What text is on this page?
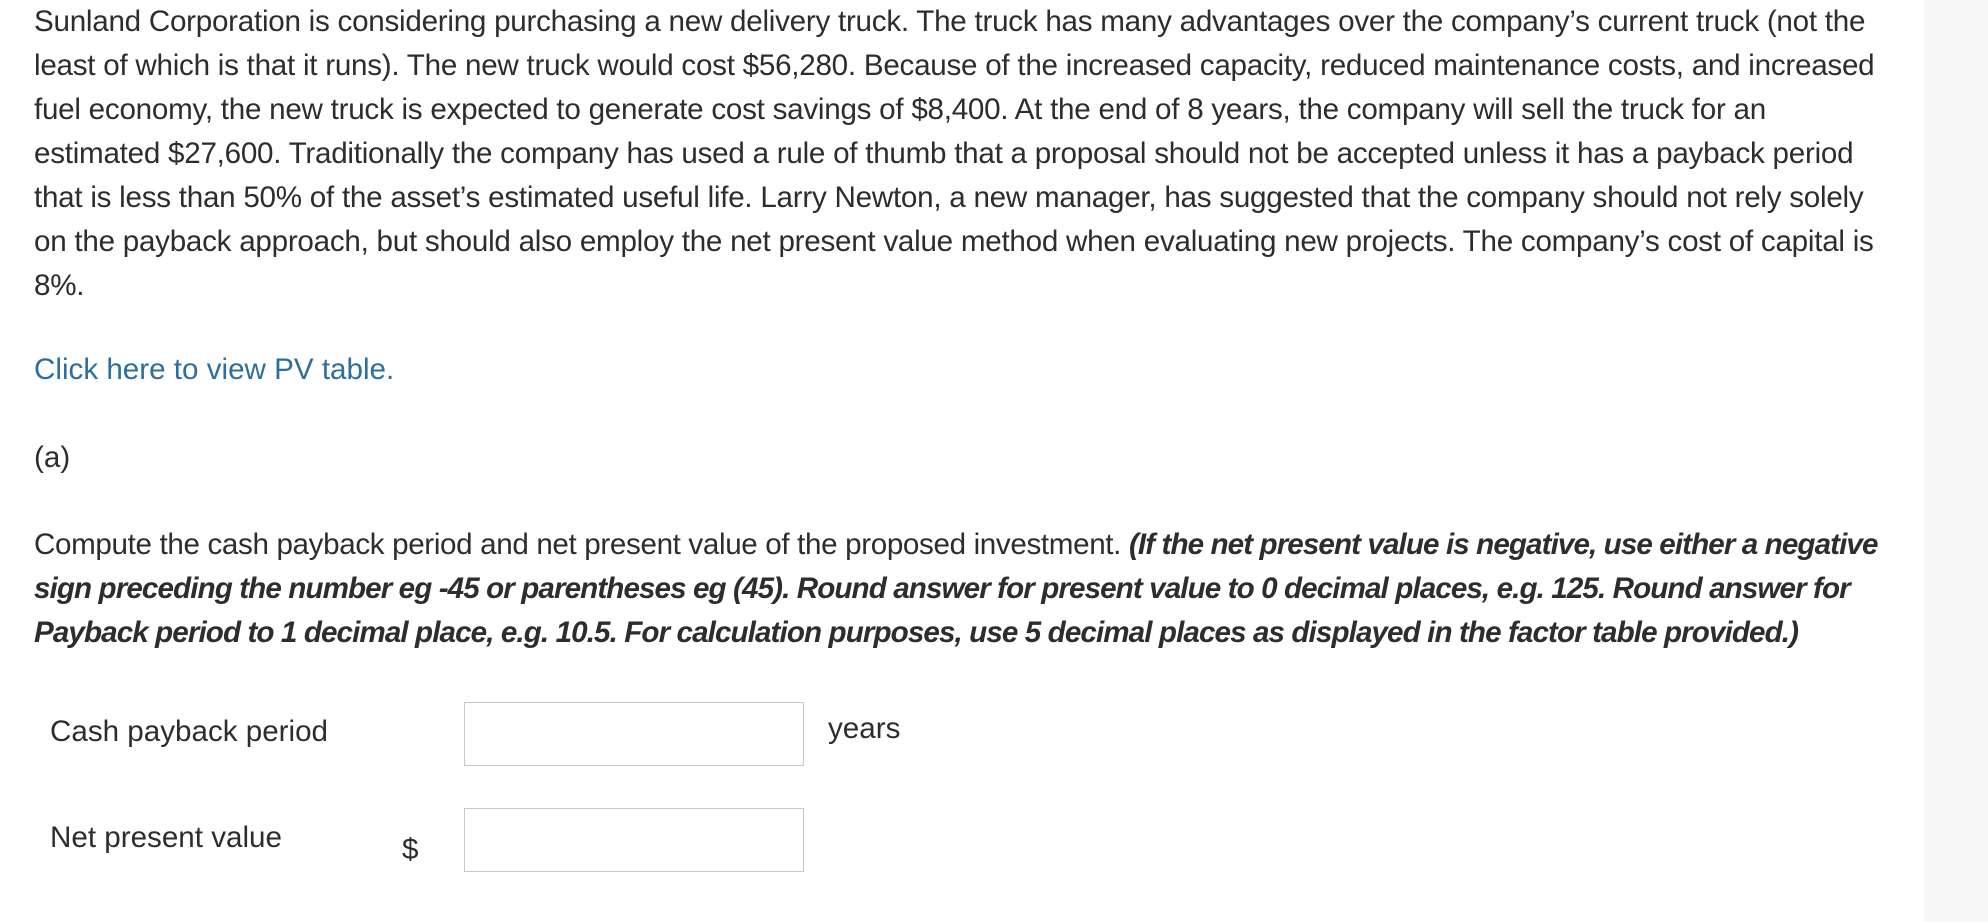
Sunland Corporation is considering purchasing a new delivery truck. The truck has many advantages over the company’s current truck (not the least of which is that it runs). The new truck would cost $56,280. Because of the increased capacity, reduced maintenance costs, and increased fuel economy, the new truck is expected to generate cost savings of $8,400. At the end of 8 years, the company will sell the truck for an estimated $27,600. Traditionally the company has used a rule of thumb that a proposal should not be accepted unless it has a payback period that is less than 50% of the asset’s estimated useful life. Larry Newton, a new manager, has suggested that the company should not rely solely on the payback approach, but should also employ the net present value method when evaluating new projects. The company’s cost of capital is 8%.

Click here to view PV table.

(a)

Compute the cash payback period and net present value of the proposed investment. (If the net present value is negative, use either a negative sign preceding the number eg -45 or parentheses eg (45). Round answer for present value to 0 decimal places, e.g. 125. Round answer for Payback period to 1 decimal place, e.g. 10.5. For calculation purposes, use 5 decimal places as displayed in the factor table provided.)

Cash payback period	years

Net present value	$
